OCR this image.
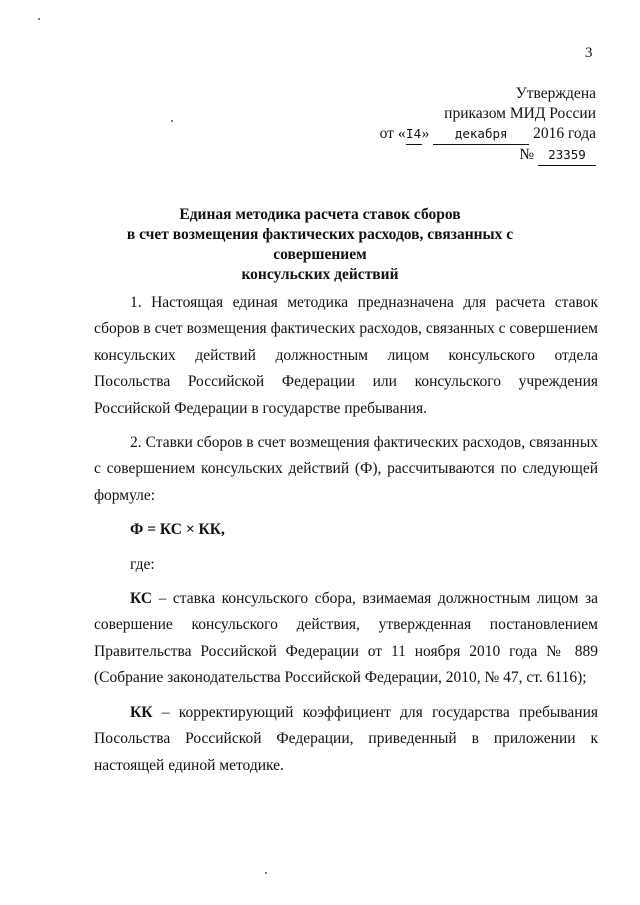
3
Утверждена
приказом МИД России
от «I4» декабря 2016 года
№ 23359
Единая методика расчета ставок сборов
в счет возмещения фактических расходов, связанных с совершением
консульских действий

1. Настоящая единая методика предназначена для расчета ставок сборов в счет возмещения фактических расходов, связанных с совершением консульских действий должностным лицом консульского отдела Посольства Российской Федерации или консульского учреждения Российской Федерации в государстве пребывания.

2. Ставки сборов в счет возмещения фактических расходов, связанных с совершением консульских действий (Ф), рассчитываются по следующей формуле:

Ф = КС × КК,

где:

КС – ставка консульского сбора, взимаемая должностным лицом за совершение консульского действия, утвержденная постановлением Правительства Российской Федерации от 11 ноября 2010 года № 889 (Собрание законодательства Российской Федерации, 2010, № 47, ст. 6116);

КК – корректирующий коэффициент для государства пребывания Посольства Российской Федерации, приведенный в приложении к настоящей единой методике.
